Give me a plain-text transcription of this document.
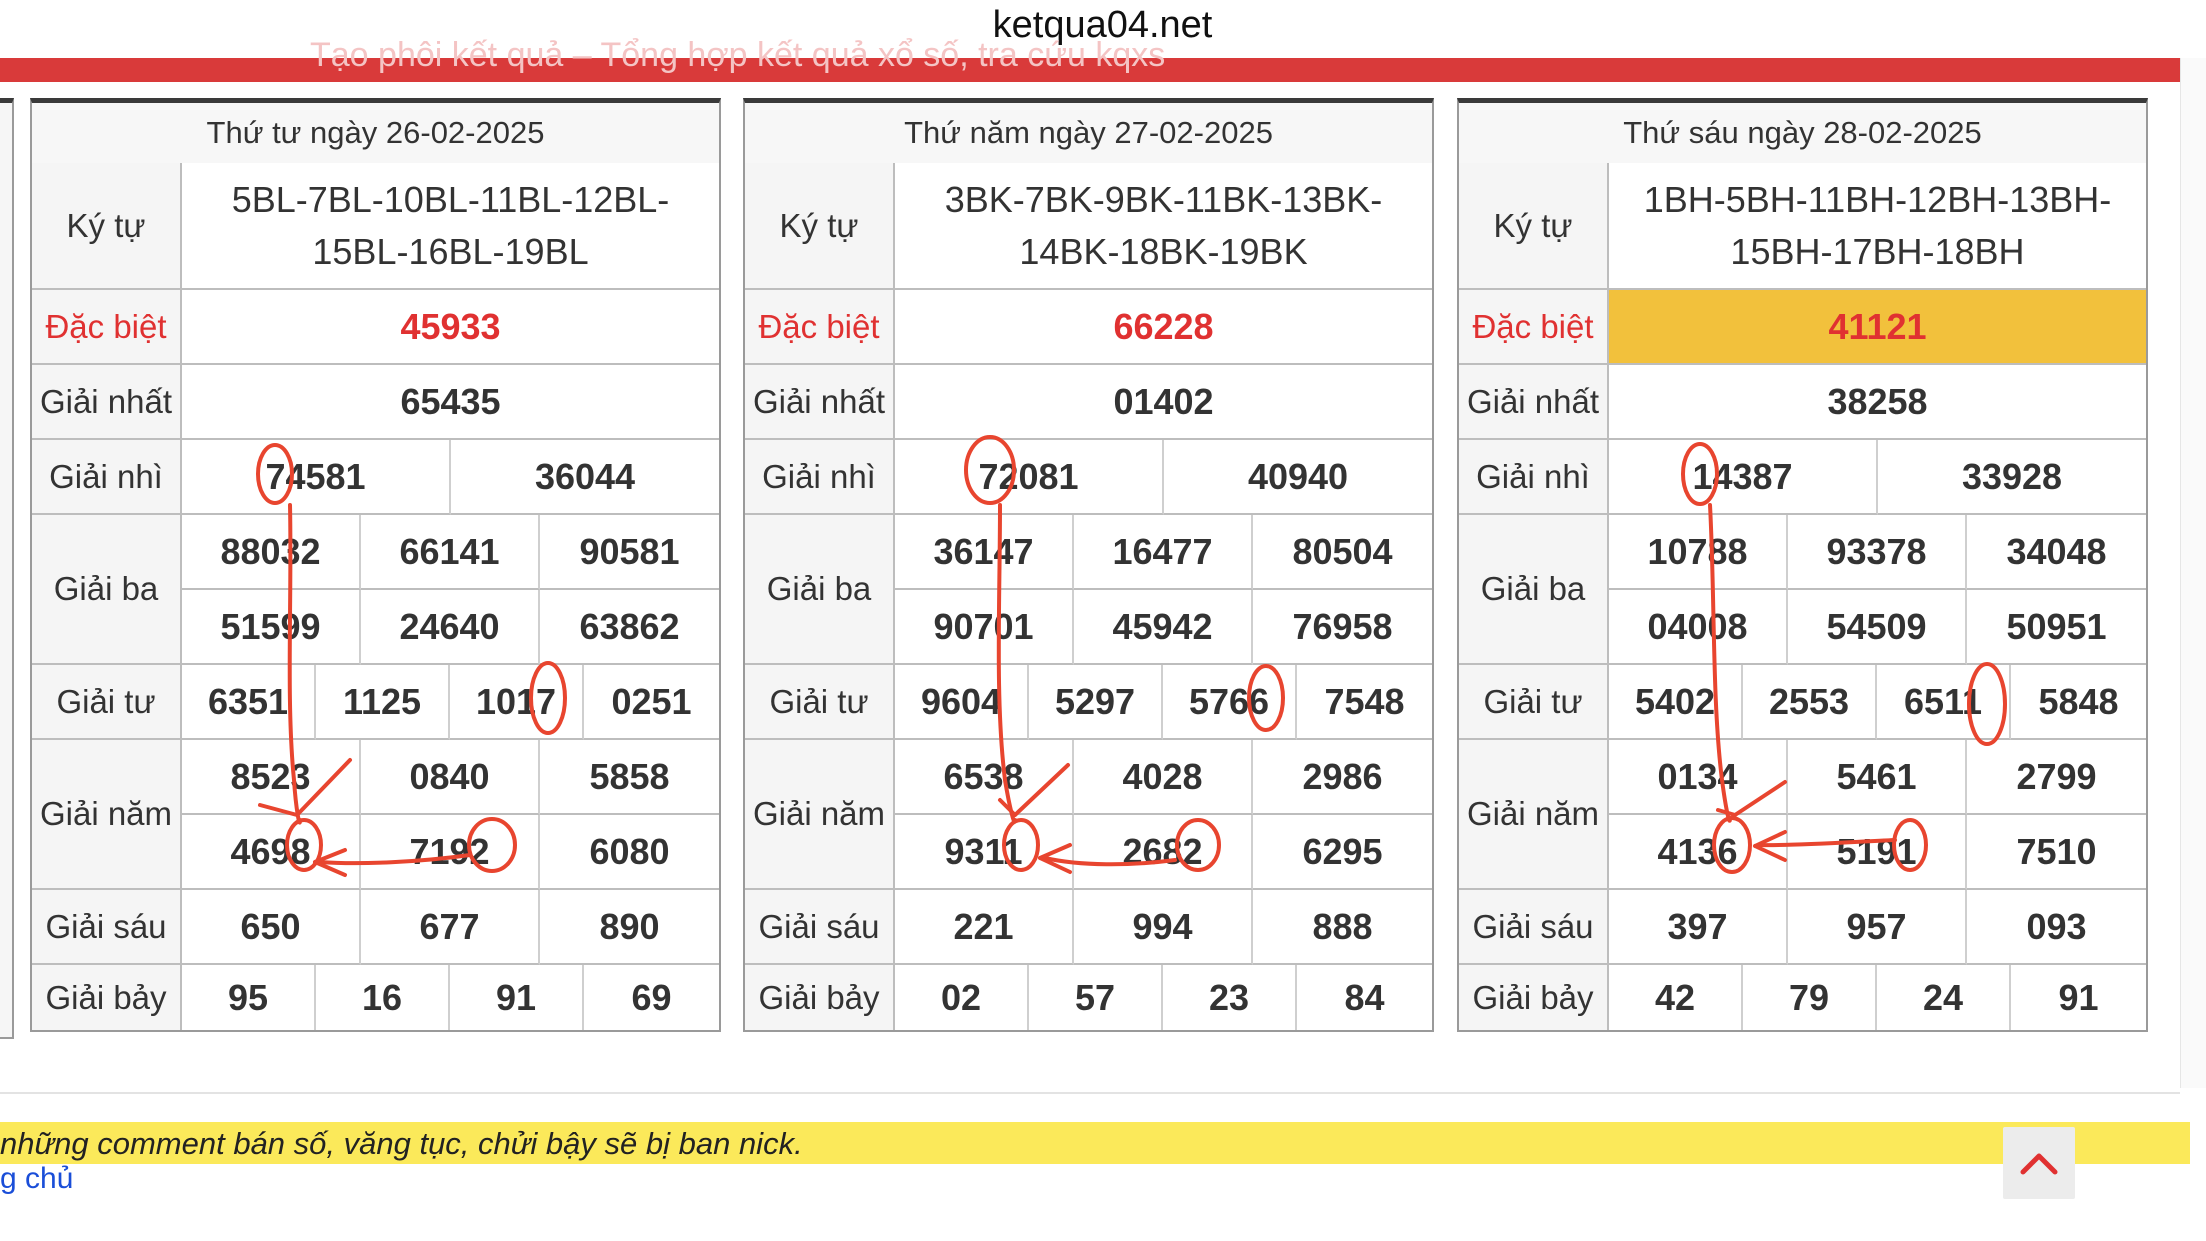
ketqua04.net
Tạo phôi kết quả – Tổng hợp kết quả xổ số, tra cứu kqxs
Thứ tư ngày 26-02-2025
Ký tự
5BL-7BL-10BL-11BL-12BL-
15BL-16BL-19BL
Đặc biệt	45933
Giải nhất	65435
Giải nhì	74581	36044
Giải ba
88032	66141	90581
51599	24640	63862
Giải tư	6351	1125	1017	0251
Giải năm
8523	0840	5858
4698	7192	6080
Giải sáu	650	677	890
Giải bảy	95	16	91	69
Thứ năm ngày 27-02-2025
Ký tự
3BK-7BK-9BK-11BK-13BK-
14BK-18BK-19BK
Đặc biệt	66228
Giải nhất	01402
Giải nhì	72081	40940
Giải ba
36147	16477	80504
90701	45942	76958
Giải tư	9604	5297	5766	7548
Giải năm
6538	4028	2986
9311	2682	6295
Giải sáu	221	994	888
Giải bảy	02	57	23	84
Thứ sáu ngày 28-02-2025
Ký tự
1BH-5BH-11BH-12BH-13BH-
15BH-17BH-18BH
Đặc biệt	41121
Giải nhất	38258
Giải nhì	14387	33928
Giải ba
10788	93378	34048
04008	54509	50951
Giải tư	5402	2553	6511	5848
Giải năm
0134	5461	2799
4136	5191	7510
Giải sáu	397	957	093
Giải bảy	42	79	24	91
những comment bán số, văng tục, chửi bậy sẽ bị ban nick.
g chủ
